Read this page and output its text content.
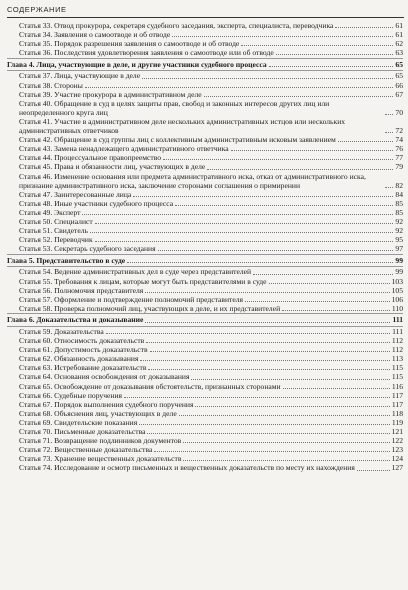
СОДЕРЖАНИЕ
Статья 33. Отвод прокурора, секретаря судебного заседания, эксперта, специалиста, переводчика	61
Статья 34. Заявления о самоотводе и об отводе	61
Статья 35. Порядок разрешения заявления о самоотводе и об отводе	62
Статья 36. Последствия удовлетворения заявления о самоотводе или об отводе	63
Глава 4. Лица, участвующие в деле, и другие участники судебного процесса	65
Статья 37. Лица, участвующие в деле	65
Статья 38. Стороны	66
Статья 39. Участие прокурора в административном деле	67
Статья 40. Обращение в суд в целях защиты прав, свобод и законных интересов других лиц или неопределенного круга лиц	70
Статья 41. Участие в административном деле нескольких административных истцов или нескольких административных ответчиков	72
Статья 42. Обращение в суд группы лиц с коллективным административным исковым заявлением	74
Статья 43. Замена ненадлежащего административного ответчика	76
Статья 44. Процессуальное правопреемство	77
Статья 45. Права и обязанности лиц, участвующих в деле	79
Статья 46. Изменение основания или предмета административного иска, отказ от административного иска, признание административного иска, заключение сторонами соглашения о примирении	82
Статья 47. Заинтересованные лица	84
Статья 48. Иные участники судебного процесса	85
Статья 49. Эксперт	85
Статья 50. Специалист	92
Статья 51. Свидетель	92
Статья 52. Переводчик	95
Статья 53. Секретарь судебного заседания	97
Глава 5. Представительство в суде	99
Статья 54. Ведение административных дел в суде через представителей	99
Статья 55. Требования к лицам, которые могут быть представителями в суде	103
Статья 56. Полномочия представителя	105
Статья 57. Оформление и подтверждение полномочий представителя	106
Статья 58. Проверка полномочий лиц, участвующих в деле, и их представителей	110
Глава 6. Доказательства и доказывание	111
Статья 59. Доказательства	111
Статья 60. Относимость доказательств	112
Статья 61. Допустимость доказательств	112
Статья 62. Обязанность доказывания	113
Статья 63. Истребование доказательств	115
Статья 64. Основания освобождения от доказывания	115
Статья 65. Освобождение от доказывания обстоятельств, признанных сторонами	116
Статья 66. Судебные поручения	117
Статья 67. Порядок выполнения судебного поручения	117
Статья 68. Объяснения лиц, участвующих в деле	118
Статья 69. Свидетельские показания	119
Статья 70. Письменные доказательства	121
Статья 71. Возвращение подлинников документов	122
Статья 72. Вещественные доказательства	123
Статья 73. Хранение вещественных доказательств	124
Статья 74. Исследование и осмотр письменных и вещественных доказательств по месту их нахождения	127
